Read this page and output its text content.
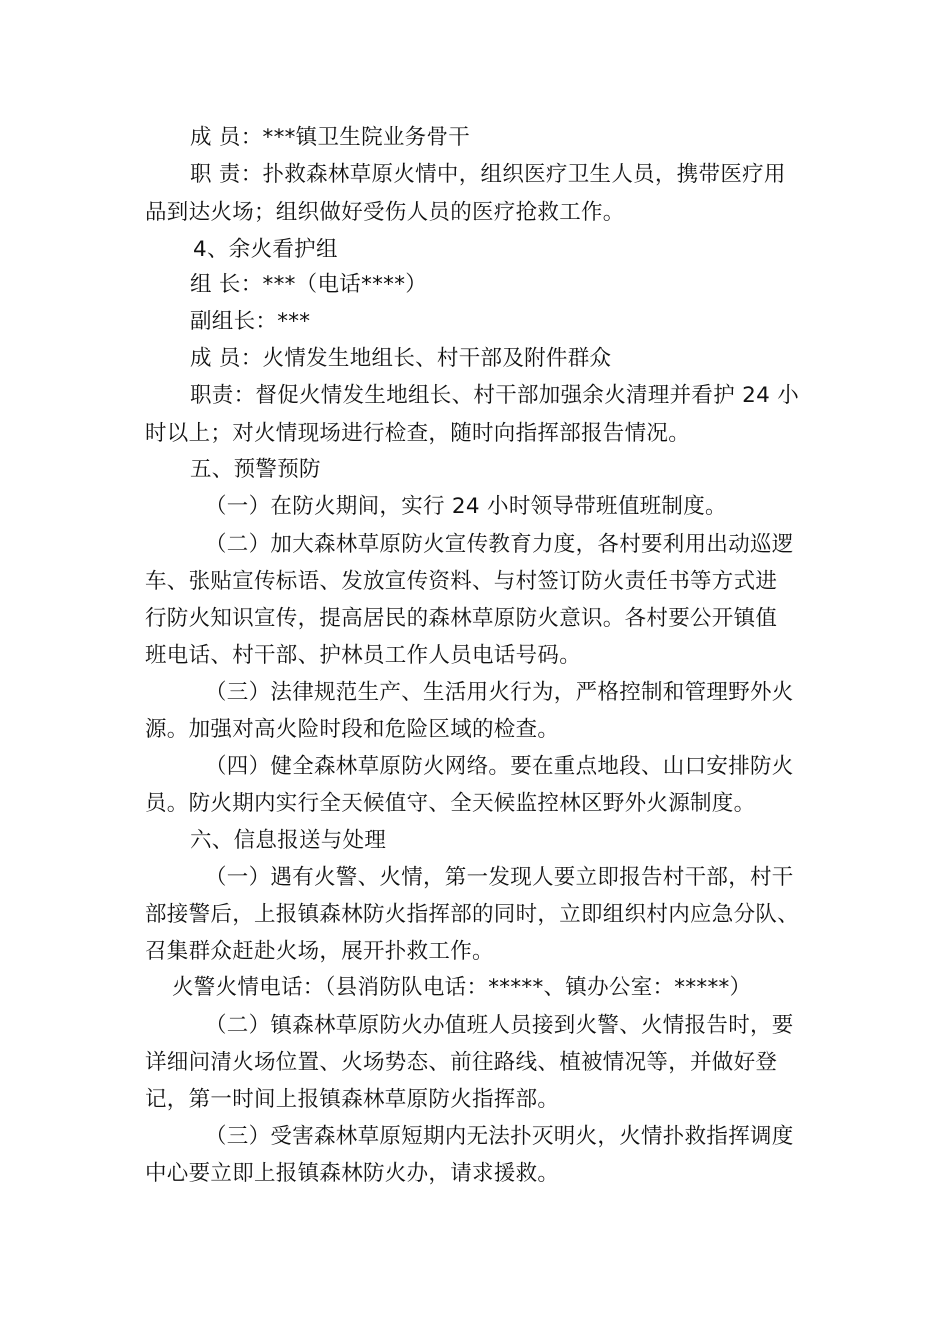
成 员：***镇卫生院业务骨干
职 责：扑救森林草原火情中，组织医疗卫生人员，携带医疗用
品到达火场；组织做好受伤人员的医疗抢救工作。
4、余火看护组
组 长：***（电话****）
副组长：***
成 员：火情发生地组长、村干部及附件群众
职责：督促火情发生地组长、村干部加强余火清理并看护 24 小
时以上；对火情现场进行检查，随时向指挥部报告情况。
五、预警预防
（一）在防火期间，实行 24 小时领导带班值班制度。
（二）加大森林草原防火宣传教育力度，各村要利用出动巡逻
车、张贴宣传标语、发放宣传资料、与村签订防火责任书等方式进
行防火知识宣传，提高居民的森林草原防火意识。各村要公开镇值
班电话、村干部、护林员工作人员电话号码。
（三）法律规范生产、生活用火行为，严格控制和管理野外火
源。加强对高火险时段和危险区域的检查。
（四）健全森林草原防火网络。要在重点地段、山口安排防火
员。防火期内实行全天候值守、全天候监控林区野外火源制度。
六、信息报送与处理
（一）遇有火警、火情，第一发现人要立即报告村干部，村干
部接警后，上报镇森林防火指挥部的同时，立即组织村内应急分队、
召集群众赶赴火场，展开扑救工作。
火警火情电话：（县消防队电话：*****、镇办公室：*****）
（二）镇森林草原防火办值班人员接到火警、火情报告时，要
详细问清火场位置、火场势态、前往路线、植被情况等，并做好登
记，第一时间上报镇森林草原防火指挥部。
（三）受害森林草原短期内无法扑灭明火，火情扑救指挥调度
中心要立即上报镇森林防火办，请求援救。
